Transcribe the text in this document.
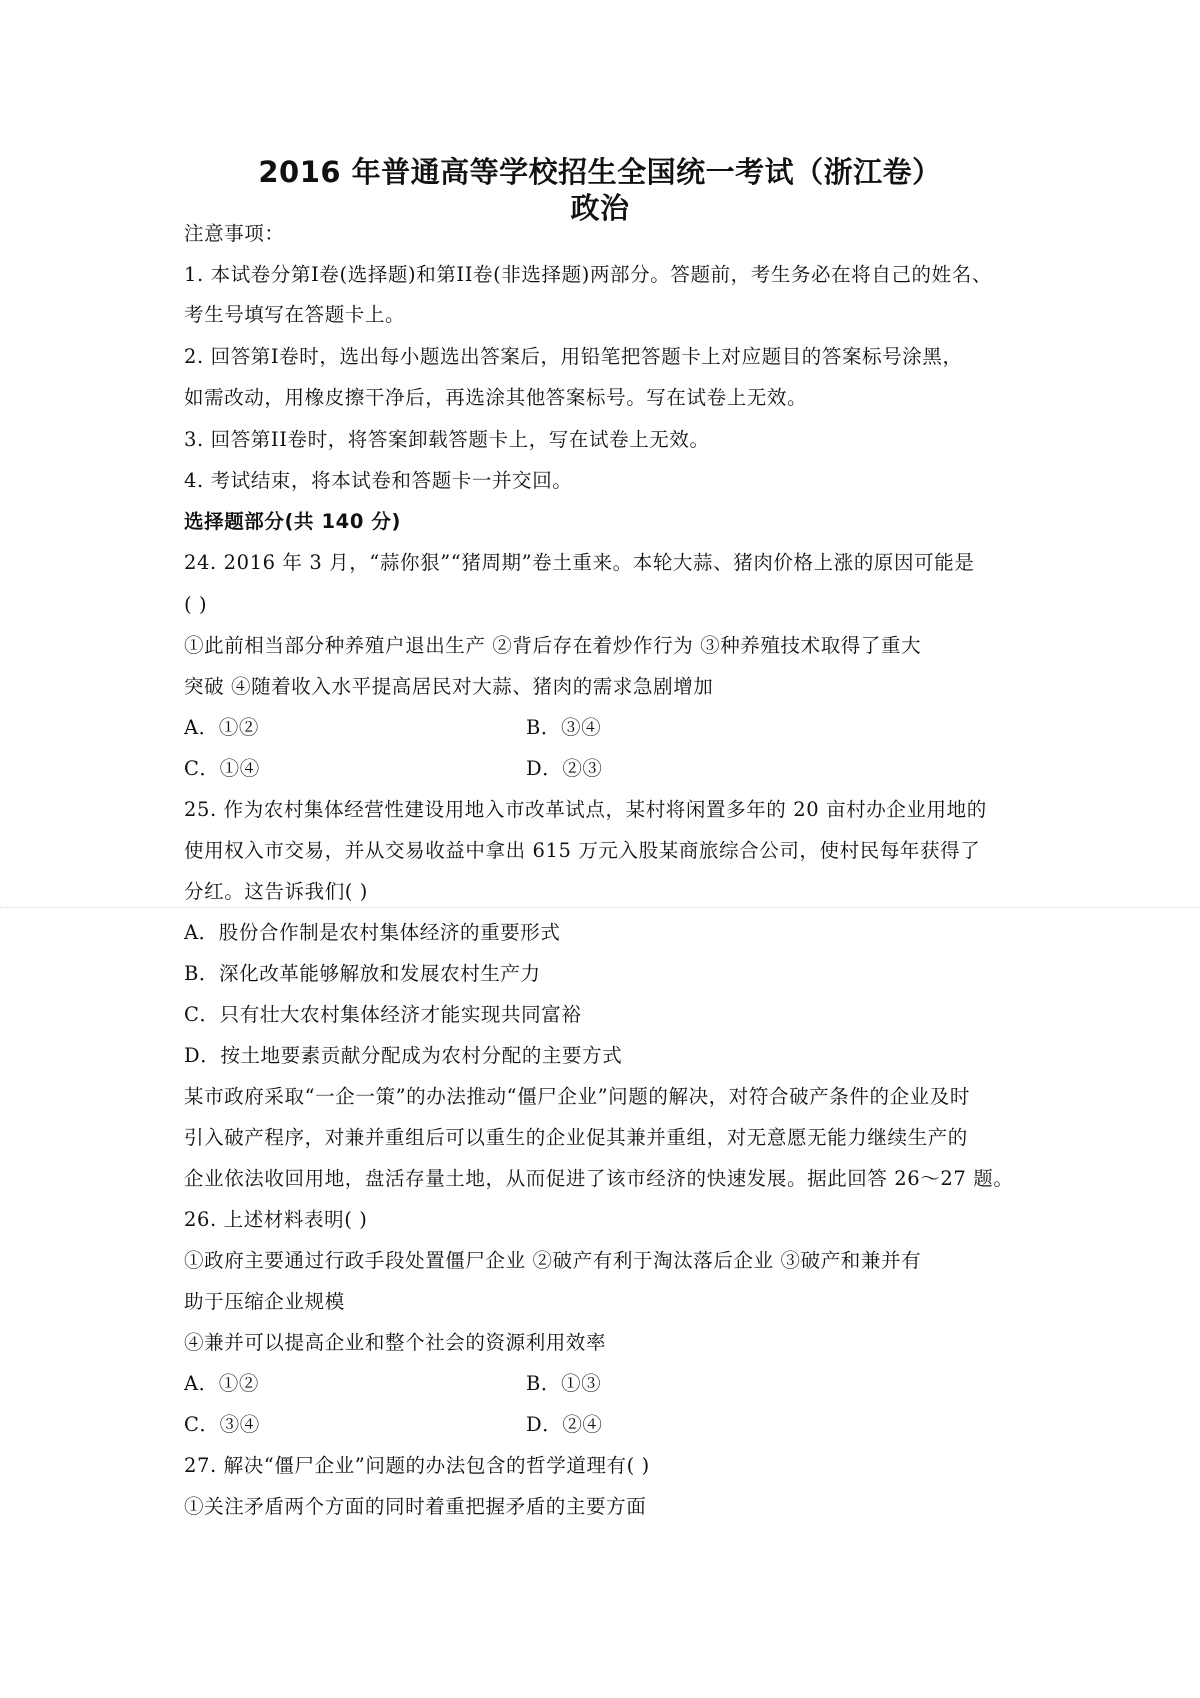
2016 年普通高等学校招生全国统一考试（浙江卷）
政治
注意事项：
1. 本试卷分第I卷(选择题)和第II卷(非选择题)两部分。答题前，考生务必在将自己的姓名、
考生号填写在答题卡上。
2. 回答第I卷时，选出每小题选出答案后，用铅笔把答题卡上对应题目的答案标号涂黑，
如需改动，用橡皮擦干净后，再选涂其他答案标号。写在试卷上无效。
3. 回答第II卷时，将答案卸载答题卡上，写在试卷上无效。
4. 考试结束，将本试卷和答题卡一并交回。
选择题部分(共 140 分)
24. 2016 年 3 月，“蒜你狠”“猪周期”卷土重来。本轮大蒜、猪肉价格上涨的原因可能是
( )
①此前相当部分种养殖户退出生产 ②背后存在着炒作行为 ③种养殖技术取得了重大
突破 ④随着收入水平提高居民对大蒜、猪肉的需求急剧增加
A．①②	B．③④
C．①④	D．②③
25. 作为农村集体经营性建设用地入市改革试点，某村将闲置多年的 20 亩村办企业用地的
使用权入市交易，并从交易收益中拿出 615 万元入股某商旅综合公司，使村民每年获得了
分红。这告诉我们( )
A．股份合作制是农村集体经济的重要形式
B．深化改革能够解放和发展农村生产力
C．只有壮大农村集体经济才能实现共同富裕
D．按土地要素贡献分配成为农村分配的主要方式
某市政府采取“一企一策”的办法推动“僵尸企业”问题的解决，对符合破产条件的企业及时
引入破产程序，对兼并重组后可以重生的企业促其兼并重组，对无意愿无能力继续生产的
企业依法收回用地，盘活存量土地，从而促进了该市经济的快速发展。据此回答 26～27 题。
26. 上述材料表明( )
①政府主要通过行政手段处置僵尸企业 ②破产有利于淘汰落后企业 ③破产和兼并有
助于压缩企业规模
④兼并可以提高企业和整个社会的资源利用效率
A．①②	B．①③
C．③④	D．②④
27. 解决“僵尸企业”问题的办法包含的哲学道理有( )
①关注矛盾两个方面的同时着重把握矛盾的主要方面
